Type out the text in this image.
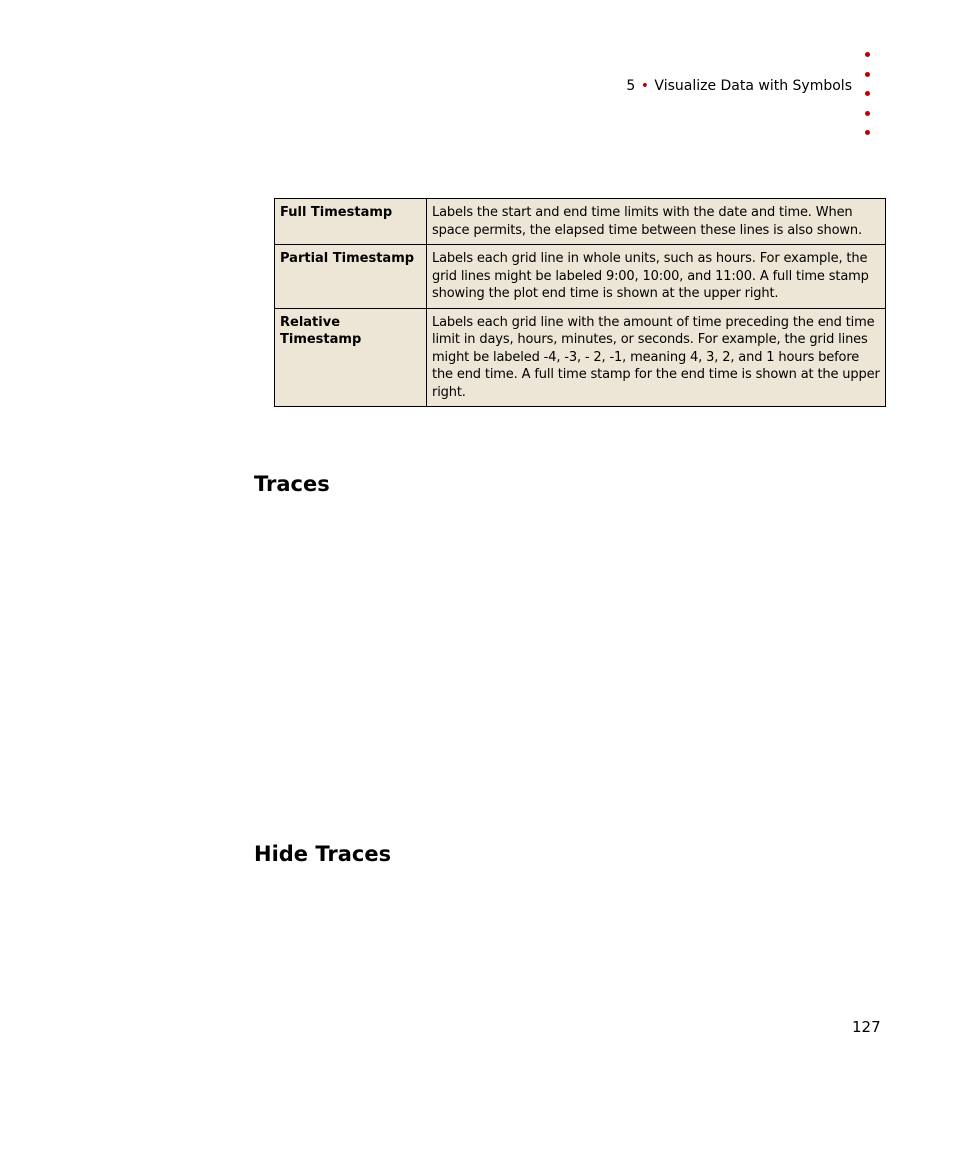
5 • Visualize Data with Symbols
Full Timestamp	Labels the start and end time limits with the date and time. When space permits, the elapsed time between these lines is also shown.
Partial Timestamp	Labels each grid line in whole units, such as hours. For example, the grid lines might be labeled 9:00, 10:00, and 11:00. A full time stamp showing the plot end time is shown at the upper right.
Relative Timestamp	Labels each grid line with the amount of time preceding the end time limit in days, hours, minutes, or seconds. For example, the grid lines might be labeled -4, -3, - 2, -1, meaning 4, 3, 2, and 1 hours before the end time. A full time stamp for the end time is shown at the upper right.
Traces
Hide Traces
127
